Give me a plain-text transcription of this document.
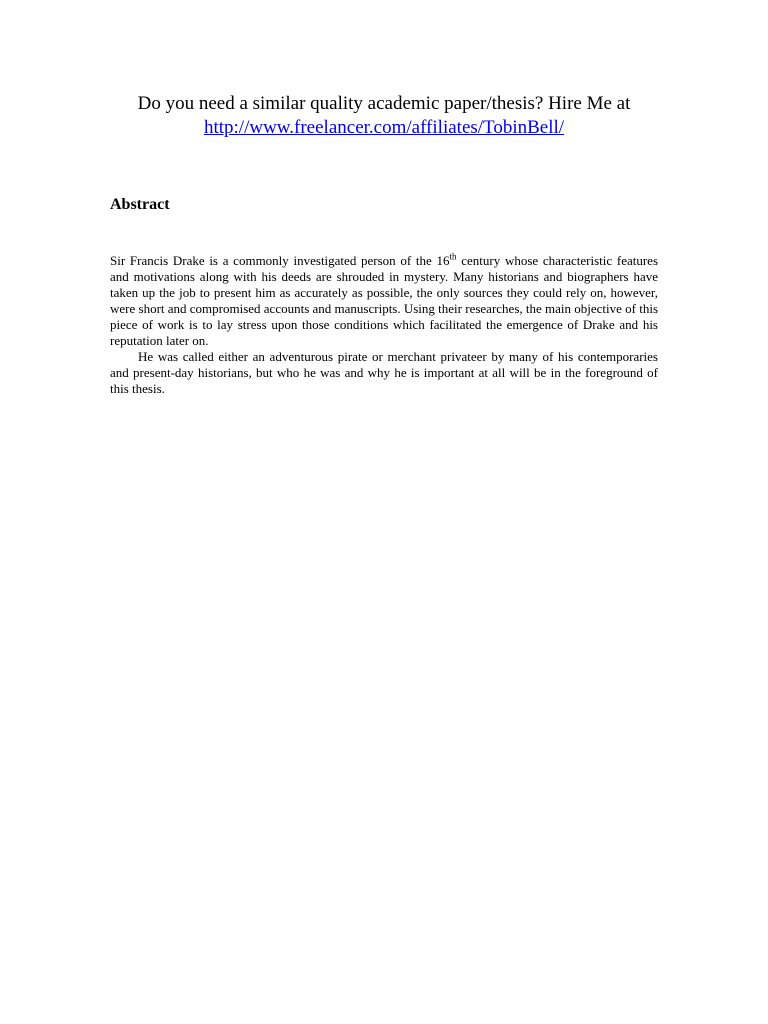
Do you need a similar quality academic paper/thesis? Hire Me at
http://www.freelancer.com/affiliates/TobinBell/
Abstract

Sir Francis Drake is a commonly investigated person of the 16th century whose characteristic features and motivations along with his deeds are shrouded in mystery. Many historians and biographers have taken up the job to present him as accurately as possible, the only sources they could rely on, however, were short and compromised accounts and manuscripts. Using their researches, the main objective of this piece of work is to lay stress upon those conditions which facilitated the emergence of Drake and his reputation later on.

He was called either an adventurous pirate or merchant privateer by many of his contemporaries and present-day historians, but who he was and why he is important at all will be in the foreground of this thesis.
